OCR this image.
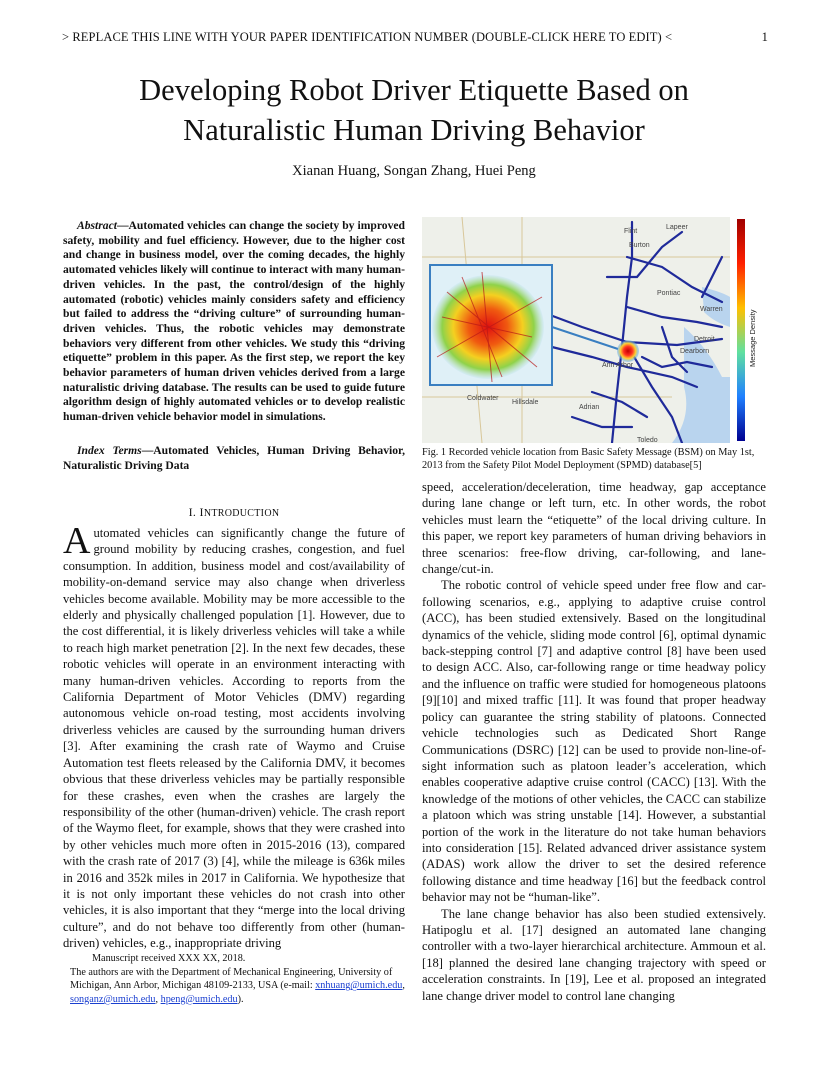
> REPLACE THIS LINE WITH YOUR PAPER IDENTIFICATION NUMBER (DOUBLE-CLICK HERE TO EDIT) <	1
Developing Robot Driver Etiquette Based on
Naturalistic Human Driving Behavior
Xianan Huang, Songan Zhang, Huei Peng
Abstract—Automated vehicles can change the society by improved safety, mobility and fuel efficiency. However, due to the higher cost and change in business model, over the coming decades, the highly automated vehicles likely will continue to interact with many human-driven vehicles. In the past, the control/design of the highly automated (robotic) vehicles mainly considers safety and efficiency but failed to address the “driving culture” of surrounding human-driven vehicles. Thus, the robotic vehicles may demonstrate behaviors very different from other vehicles. We study this “driving etiquette” problem in this paper. As the first step, we report the key behavior parameters of human driven vehicles derived from a large naturalistic driving database. The results can be used to guide future algorithm design of highly automated vehicles or to develop realistic human-driven vehicle behavior model in simulations.
Index Terms—Automated Vehicles, Human Driving Behavior, Naturalistic Driving Data
I. INTRODUCTION

Automated vehicles can significantly change the future of ground mobility by reducing crashes, congestion, and fuel consumption. In addition, business model and cost/availability of mobility-on-demand service may also change when driverless vehicles become available. Mobility may be more accessible to the elderly and physically challenged population [1]. However, due to the cost differential, it is likely driverless vehicles will take a while to reach high market penetration [2]. In the next few decades, these robotic vehicles will operate in an environment interacting with many human-driven vehicles. According to reports from the California Department of Motor Vehicles (DMV) regarding autonomous vehicle on-road testing, most accidents involving driverless vehicles are caused by the surrounding human drivers [3]. After examining the crash rate of Waymo and Cruise Automation test fleets released by the California DMV, it becomes obvious that these driverless vehicles may be partially responsible for these crashes, even when the crashes are largely the responsibility of the other (human-driven) vehicle. The crash report of the Waymo fleet, for example, shows that they were crashed into by other vehicles much more often in 2015-2016 (13), compared with the crash rate of 2017 (3) [4], while the mileage is 636k miles in 2016 and 352k miles in 2017 in California. We hypothesize that it is not only important these vehicles do not crash into other vehicles, it is also important that they “merge into the local driving culture”, and do not behave too differently from other (human-driven) vehicles, e.g., inappropriate driving

Manuscript received XXX XX, 2018.
The authors are with the Department of Mechanical Engineering, University of Michigan, Ann Arbor, Michigan 48109-2133, USA (e-mail: xnhuang@umich.edu, songanz@umich.edu, hpeng@umich.edu).
Flint
Lapeer
Burton
Pontiac
Warren
Detroit
Dearborn
Ann Arbor
Coldwater
Hillsdale
Adrian
Toledo
Message Density
Fig. 1 Recorded vehicle location from Basic Safety Message (BSM) on May 1st, 2013 from the Safety Pilot Model Deployment (SPMD) database[5]

speed, acceleration/deceleration, time headway, gap acceptance during lane change or left turn, etc. In other words, the robot vehicles must learn the “etiquette” of the local driving culture. In this paper, we report key parameters of human driving behaviors in three scenarios: free-flow driving, car-following, and lane-change/cut-in.

The robotic control of vehicle speed under free flow and car-following scenarios, e.g., applying to adaptive cruise control (ACC), has been studied extensively. Based on the longitudinal dynamics of the vehicle, sliding mode control [6], optimal dynamic back-stepping control [7] and adaptive control [8] have been used to design ACC. Also, car-following range or time headway policy and the influence on traffic were studied for homogeneous platoons [9][10] and mixed traffic [11]. It was found that proper headway policy can guarantee the string stability of platoons. Connected vehicle technologies such as Dedicated Short Range Communications (DSRC) [12] can be used to provide non-line-of-sight information such as platoon leader’s acceleration, which enables cooperative adaptive cruise control (CACC) [13]. With the knowledge of the motions of other vehicles, the CACC can stabilize a platoon which was string unstable [14]. However, a substantial portion of the work in the literature do not take human behaviors into consideration [15]. Related advanced driver assistance system (ADAS) work allow the driver to set the desired reference following distance and time headway [16] but the feedback control behavior may not be “human-like”.

The lane change behavior has also been studied extensively. Hatipoglu et al. [17] designed an automated lane changing controller with a two-layer hierarchical architecture. Ammoun et al. [18] planned the desired lane changing trajectory with speed or acceleration constraints. In [19], Lee et al. proposed an integrated lane change driver model to control lane changing
